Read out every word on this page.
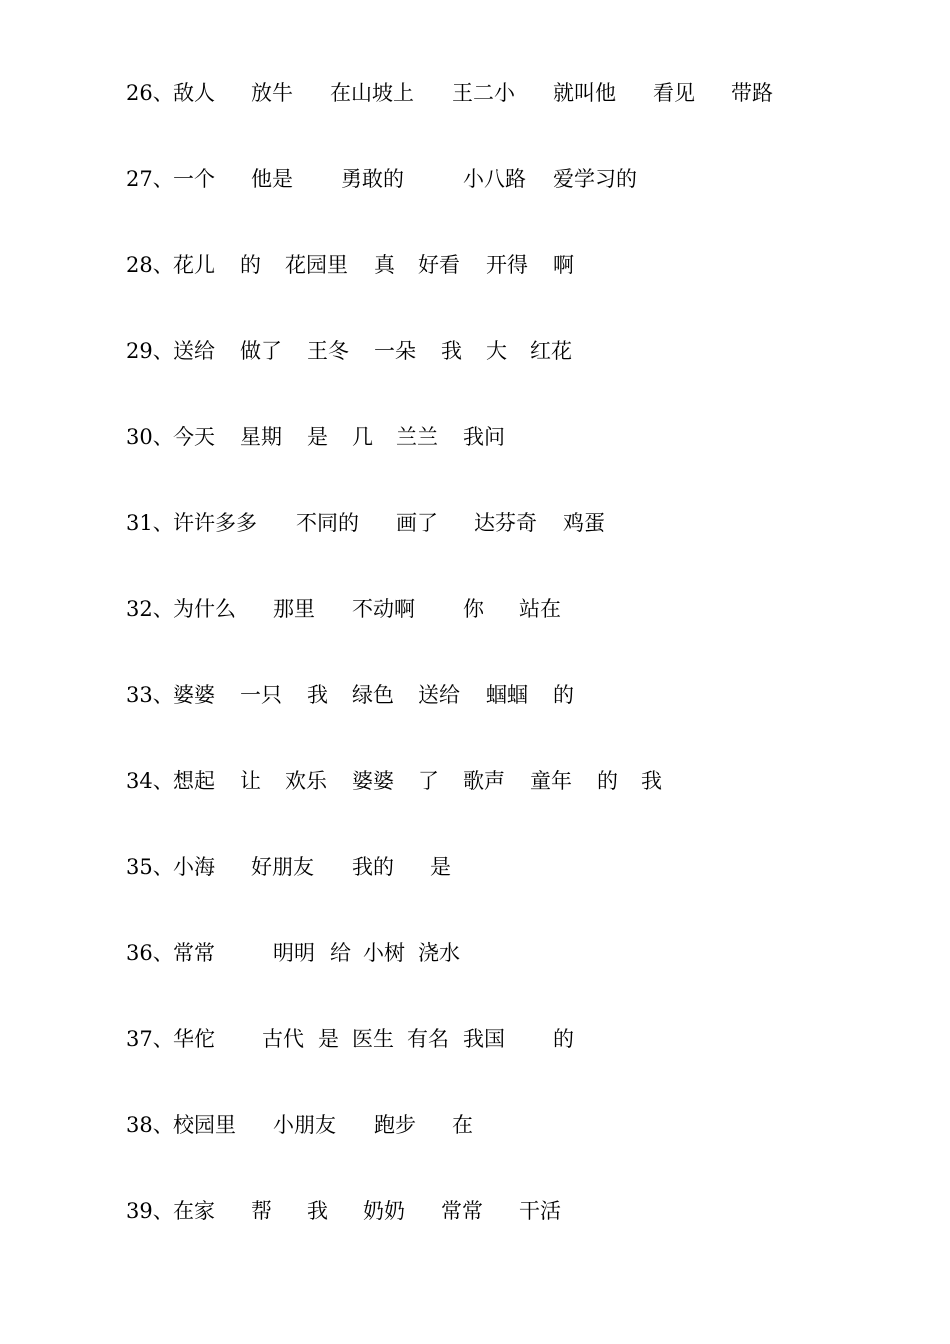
26、 敌人 放牛 在山坡上 王二小 就叫他 看见 带路
27、 一个 他是 勇敢的	小八路 爱学习的
28、 花儿 的 花园里 真 好看 开得 啊
29、 送给 做了 王冬 一朵 我 大 红花
30、 今天 星期 是 几 兰兰 我问
31、 许许多多 不同的 画了 达芬奇 鸡蛋
32、 为什么 那里 不动啊 你 站在
33、 婆婆 一只 我 绿色 送给 蝈蝈 的
34、 想起 让 欢乐 婆婆 了 歌声 童年 的 我
35、 小海 好朋友 我的 是
36、 常常	明明 给 小树 浇水
37、 华佗 古代 是 医生 有名 我国 的
38、 校园里 小朋友 跑步 在
39、 在家 帮 我 奶奶 常常 干活
